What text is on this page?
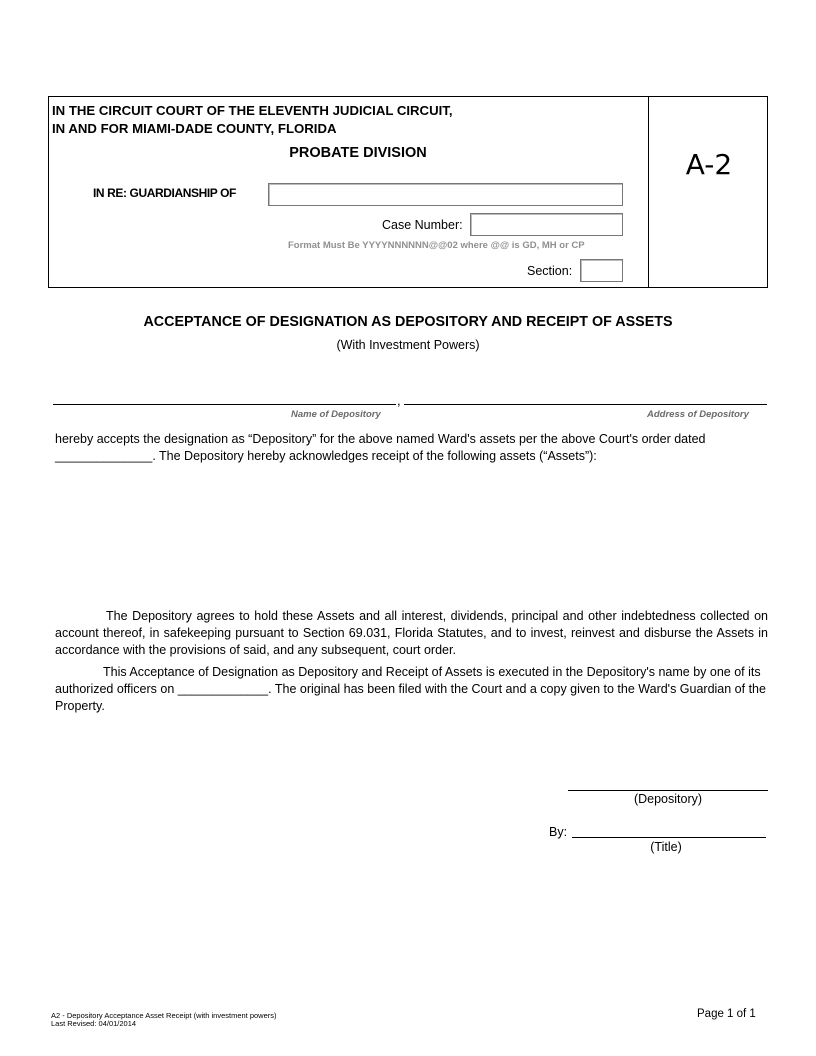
IN THE CIRCUIT COURT OF THE ELEVENTH JUDICIAL CIRCUIT,
IN AND FOR MIAMI-DADE COUNTY, FLORIDA
PROBATE DIVISION	A-2
IN RE: GUARDIANSHIP OF
Case Number:
Format Must Be YYYYNNNNNN@@02 where @@ is GD, MH or CP
Section:
ACCEPTANCE OF DESIGNATION AS DEPOSITORY AND RECEIPT OF ASSETS
(With Investment Powers)
,
Name of Depository	Address of Depository
hereby accepts the designation as “Depository” for the above named Ward's assets per the above Court's order dated ______________. The Depository hereby acknowledges receipt of the following assets (“Assets”):
The Depository agrees to hold these Assets and all interest, dividends, principal and other indebtedness collected on account thereof, in safekeeping pursuant to Section 69.031, Florida Statutes, and to invest, reinvest and disburse the Assets in accordance with the provisions of said, and any subsequent, court order.
This Acceptance of Designation as Depository and Receipt of Assets is executed in the Depository's name by one of its authorized officers on _____________. The original has been filed with the Court and a copy given to the Ward's Guardian of the Property.
(Depository)
By:
(Title)
A2 - Depository Acceptance Asset Receipt (with investment powers)
Last Revised: 04/01/2014
Page 1 of 1
